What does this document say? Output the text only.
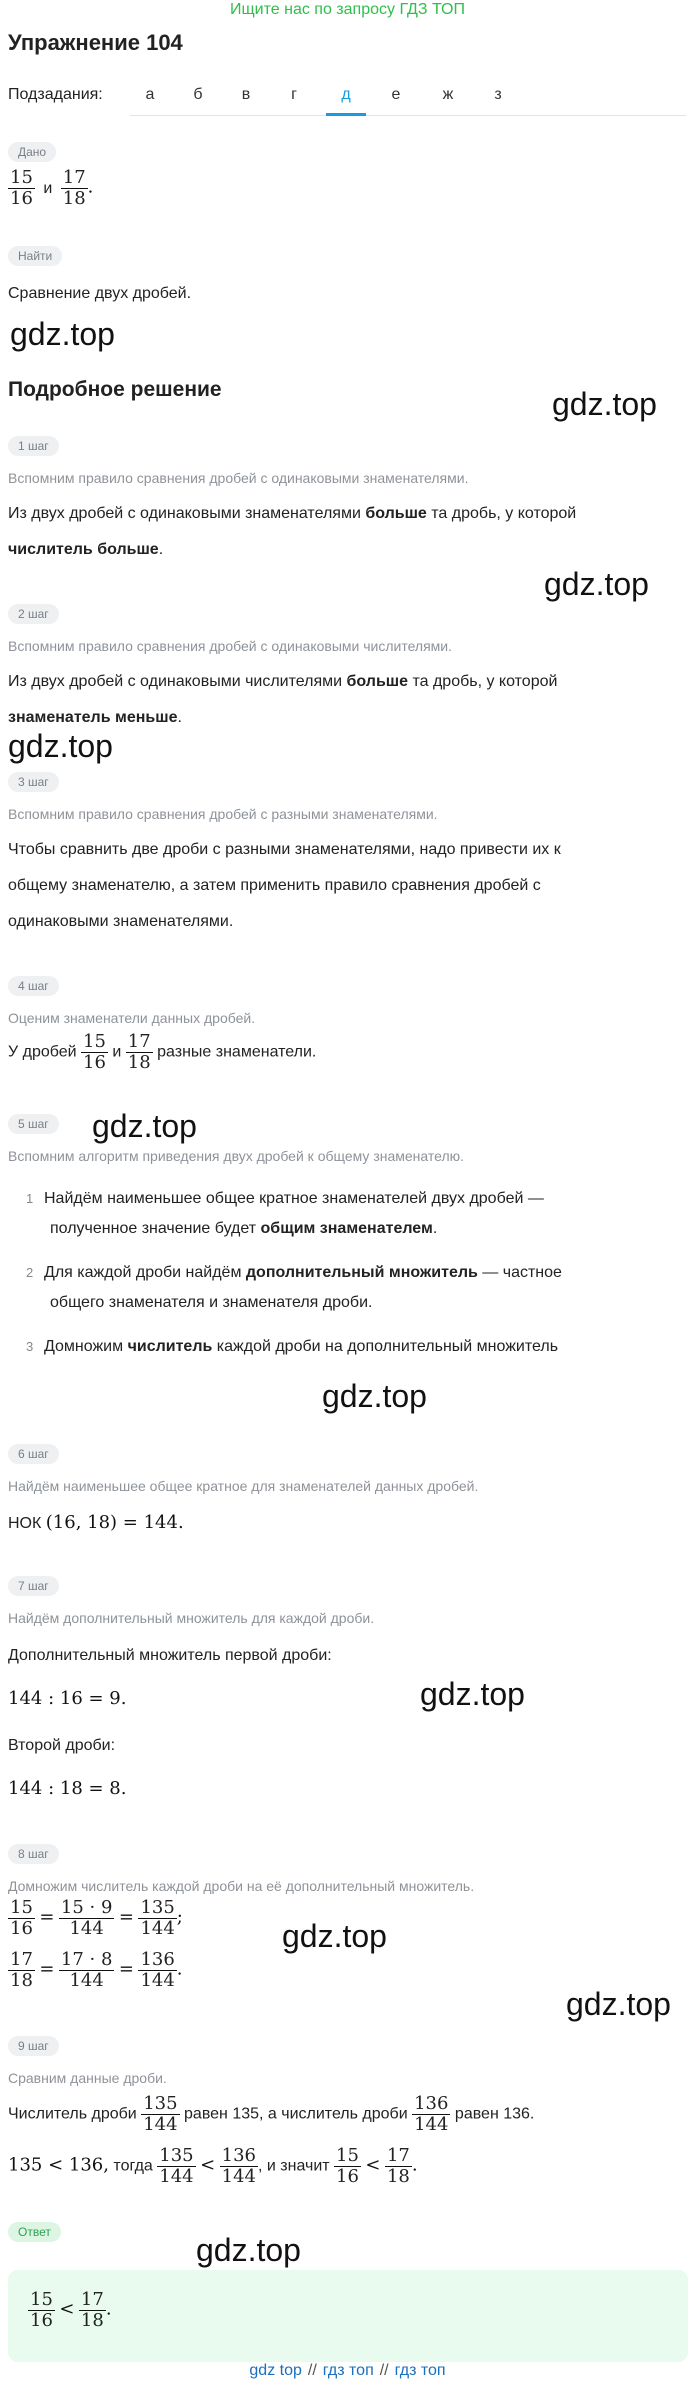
Ищите нас по запросу ГДЗ ТОП
Упражнение 104
Подзадания:	а	б	в	г	д	е	ж	з
Дано
$\frac{15}{16}$ и $\frac{17}{18}$ .
Найти
Сравнение двух дробей.
gdz.top
Подробное решение	gdz.top
1 шаг
Вспомним правило сравнения дробей с одинаковыми знаменателями.
Из двух дробей с одинаковыми знаменателями больше та дробь, у которой
числитель больше.
gdz.top
2 шаг
Вспомним правило сравнения дробей с одинаковыми числителями.
Из двух дробей с одинаковыми числителями больше та дробь, у которой
знаменатель меньше.
gdz.top
3 шаг
Вспомним правило сравнения дробей с разными знаменателями.
Чтобы сравнить две дроби с разными знаменателями, надо привести их к
общему знаменателю, а затем применить правило сравнения дробей с
одинаковыми знаменателями.
4 шаг
Оценим знаменатели данных дробей.
У дробей $\frac{15}{16}$ и $\frac{17}{18}$ разные знаменатели.
5 шаг	gdz.top
Вспомним алгоритм приведения двух дробей к общему знаменателю.
1 Найдём наименьшее общее кратное знаменателей двух дробей —
полученное значение будет общим знаменателем.
2 Для каждой дроби найдём дополнительный множитель — частное
общего знаменателя и знаменателя дроби.
3 Домножим числитель каждой дроби на дополнительный множитель
gdz.top
6 шаг
Найдём наименьшее общее кратное для знаменателей данных дробей.
НОК (16, 18) = 144.
7 шаг
Найдём дополнительный множитель для каждой дроби.
Дополнительный множитель первой дроби:
144 : 16 = 9.	gdz.top
Второй дроби:
144 : 18 = 8.
8 шаг
Домножим числитель каждой дроби на её дополнительный множитель.
$\frac{15}{16} = \frac{15 \cdot 9}{144} = \frac{135}{144}$ ;
gdz.top
$\frac{17}{18} = \frac{17 \cdot 8}{144} = \frac{136}{144}$ .
gdz.top
9 шаг
Сравним данные дроби.
Числитель дроби $\frac{135}{144}$ равен 135, а числитель дроби $\frac{136}{144}$ равен 136.
135 < 136, тогда $\frac{135}{144} < \frac{136}{144}$ , и значит $\frac{15}{16} < \frac{17}{18}$ .
Ответ	gdz.top
$\frac{15}{16} < \frac{17}{18}$ .
gdz top // гдз топ // гдз топ
